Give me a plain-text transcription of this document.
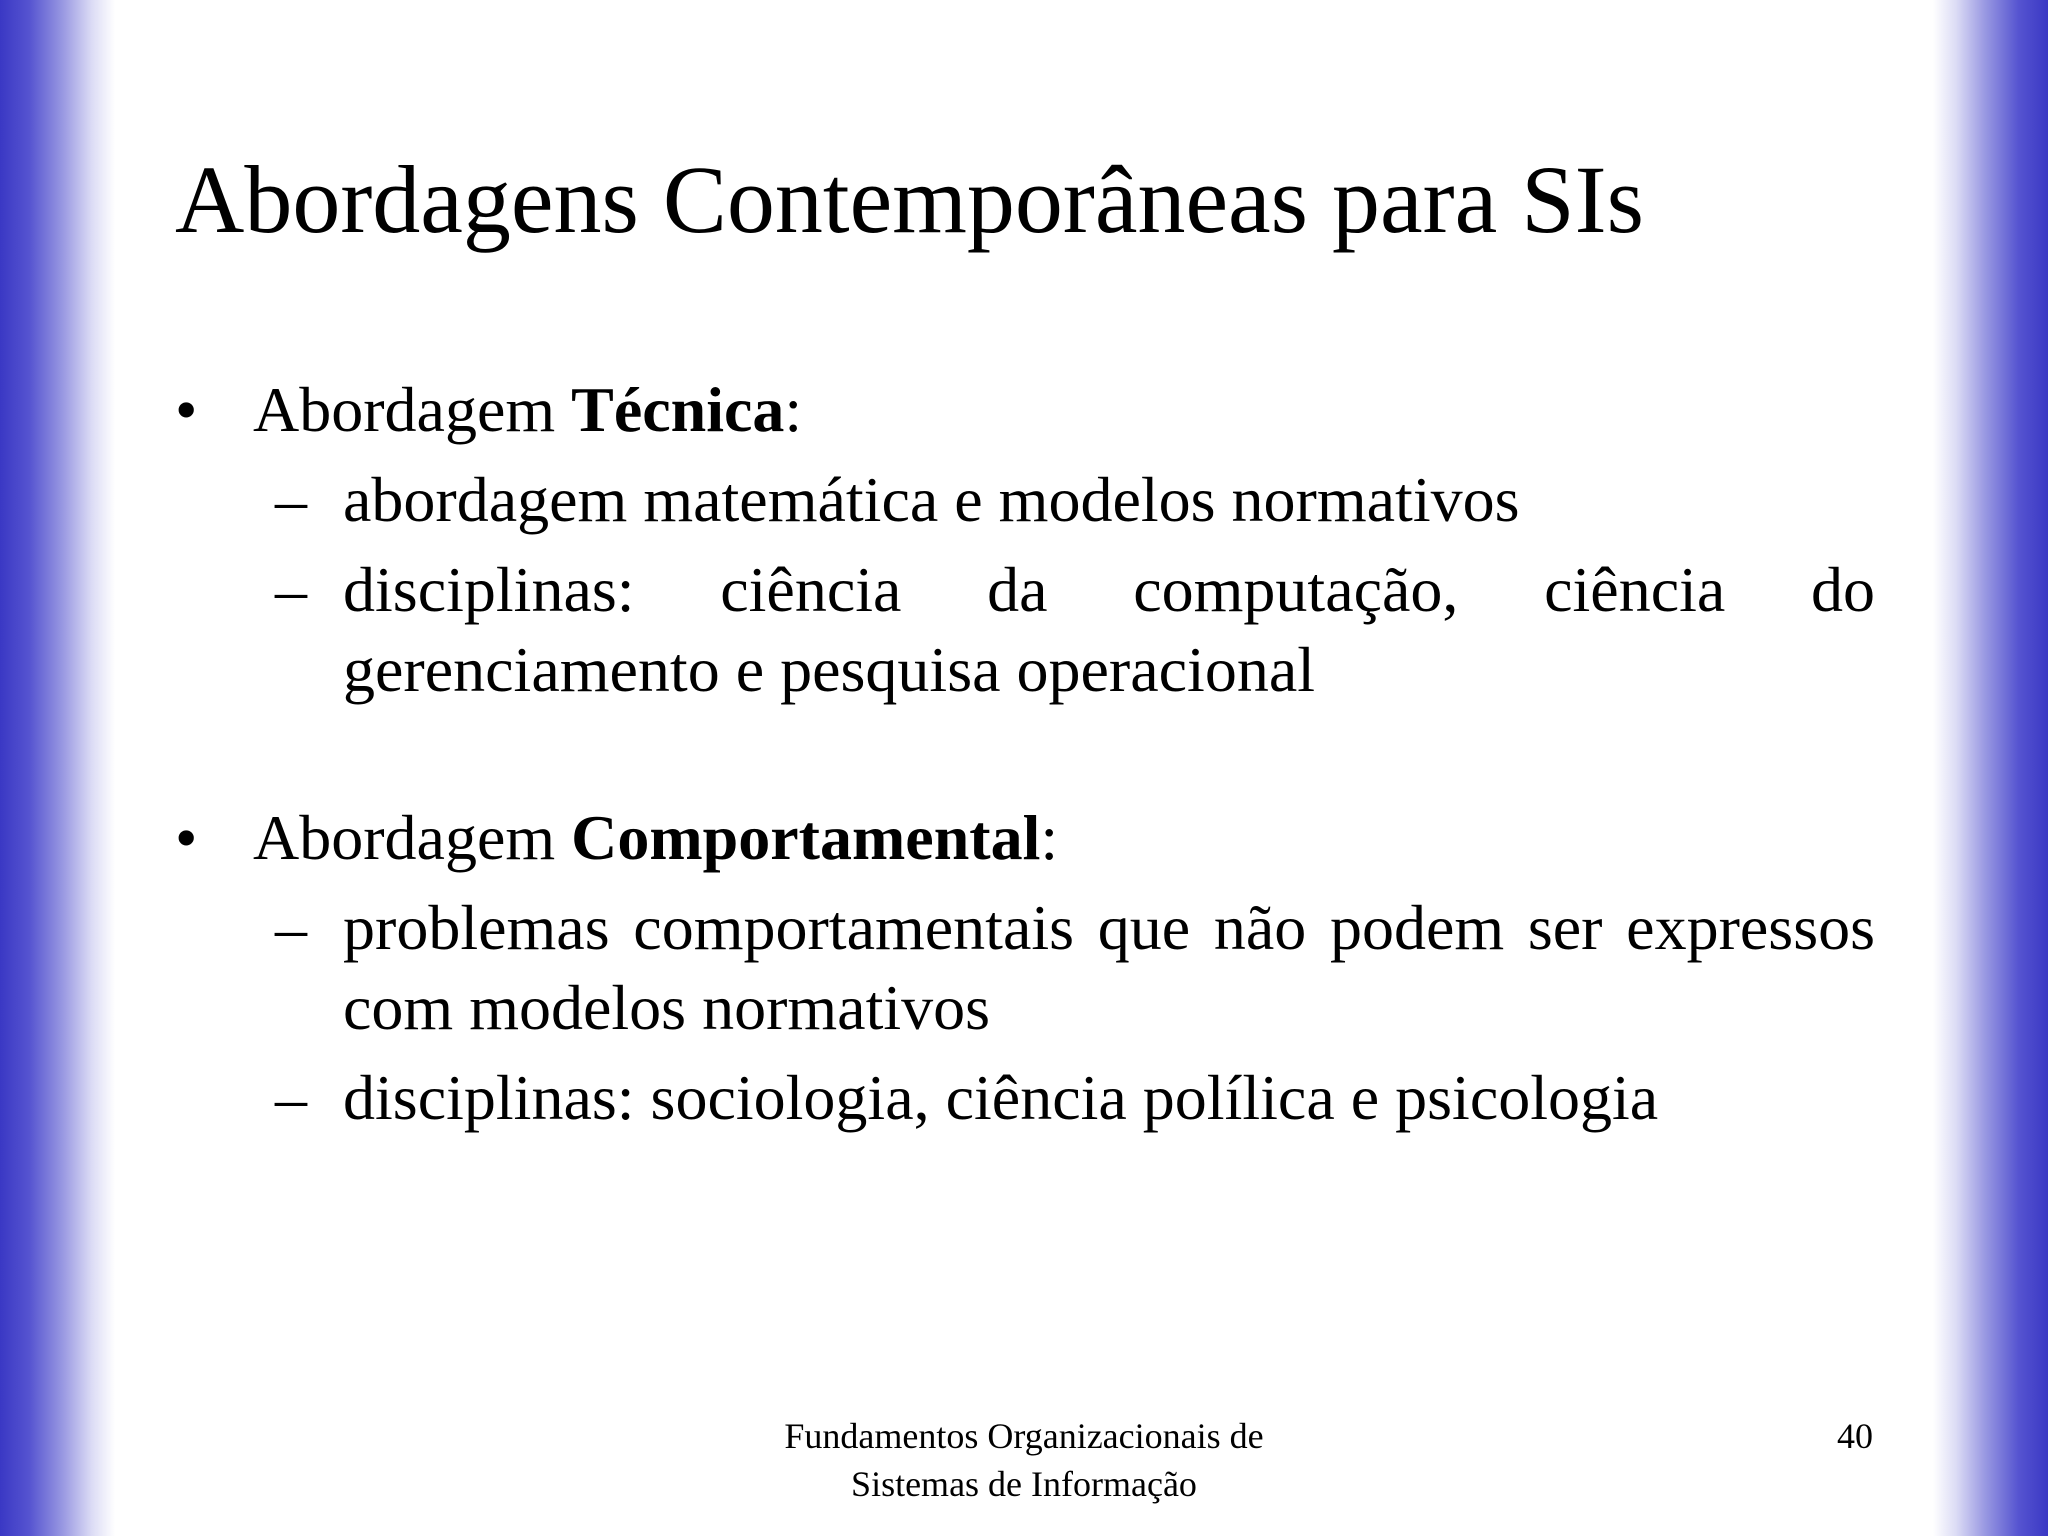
Abordagens Contemporâneas para SIs
• Abordagem Técnica:
– abordagem matemática e modelos normativos
– disciplinas: ciência da computação, ciência do gerenciamento e pesquisa operacional
• Abordagem Comportamental:
– problemas comportamentais que não podem ser expressos com modelos normativos
– disciplinas: sociologia, ciência polílica e psicologia
Fundamentos Organizacionais de
Sistemas de Informação
40
